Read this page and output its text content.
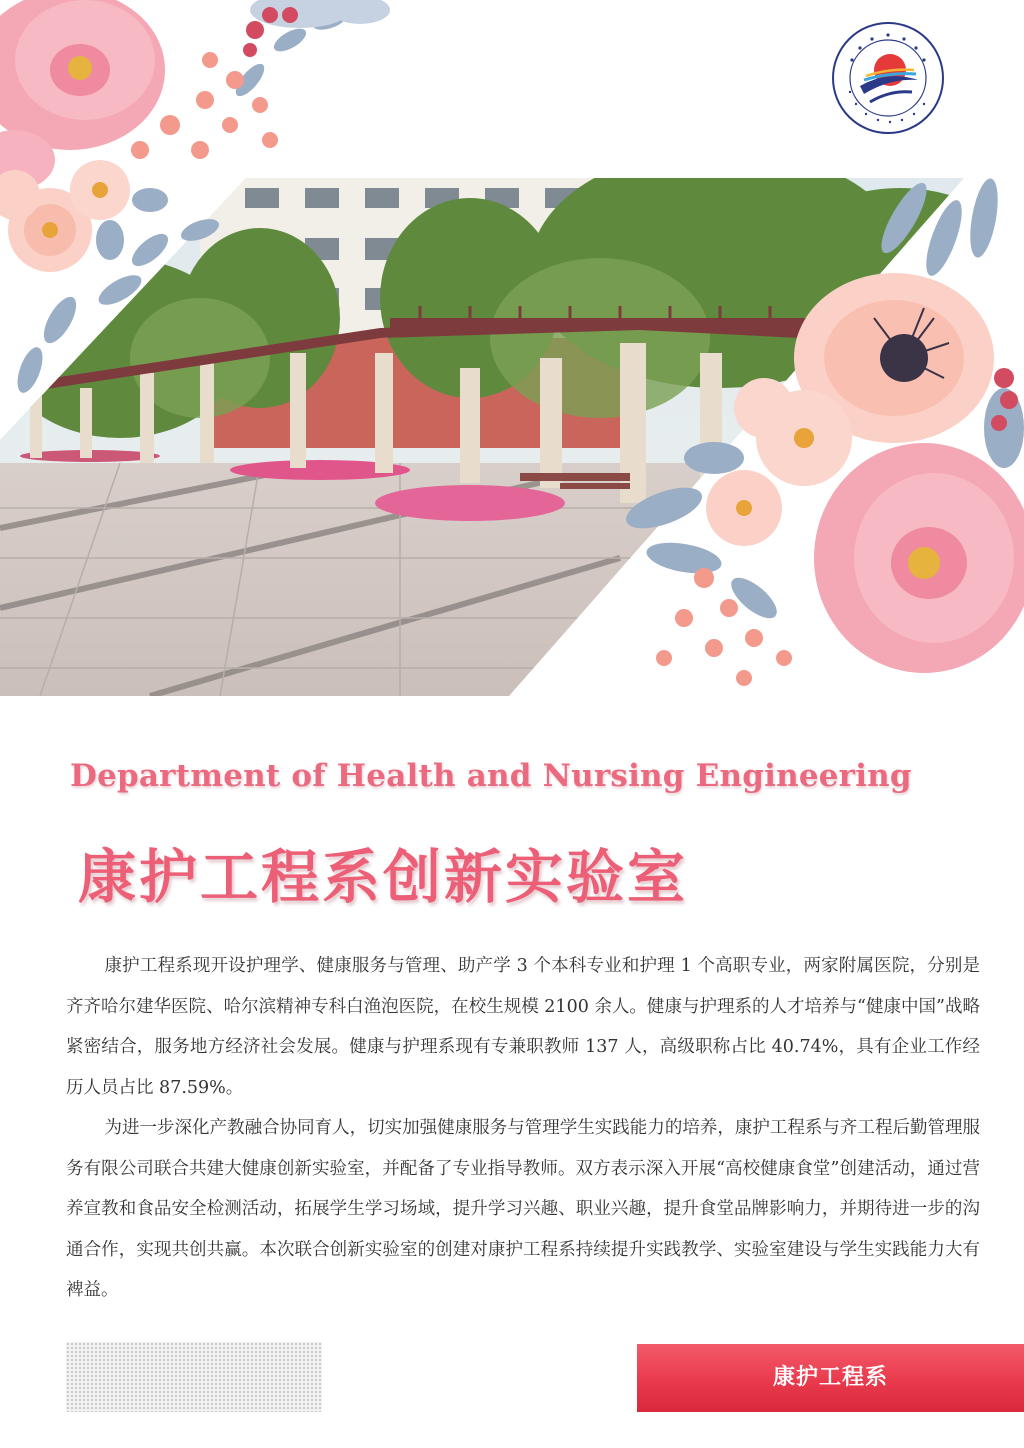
Department of Health and Nursing Engineering
康护工程系创新实验室

康护工程系现开设护理学、健康服务与管理、助产学 3 个本科专业和护理 1 个高职专业，两家附属医院，分别是齐齐哈尔建华医院、哈尔滨精神专科白渔泡医院，在校生规模 2100 余人。健康与护理系的人才培养与“健康中国”战略紧密结合，服务地方经济社会发展。健康与护理系现有专兼职教师 137 人，高级职称占比 40.74%，具有企业工作经历人员占比 87.59%。

为进一步深化产教融合协同育人，切实加强健康服务与管理学生实践能力的培养，康护工程系与齐工程后勤管理服务有限公司联合共建大健康创新实验室，并配备了专业指导教师。双方表示深入开展“高校健康食堂”创建活动，通过营养宣教和食品安全检测活动，拓展学生学习场域，提升学习兴趣、职业兴趣，提升食堂品牌影响力，并期待进一步的沟通合作，实现共创共赢。本次联合创新实验室的创建对康护工程系持续提升实践教学、实验室建设与学生实践能力大有裨益。

康护工程系
